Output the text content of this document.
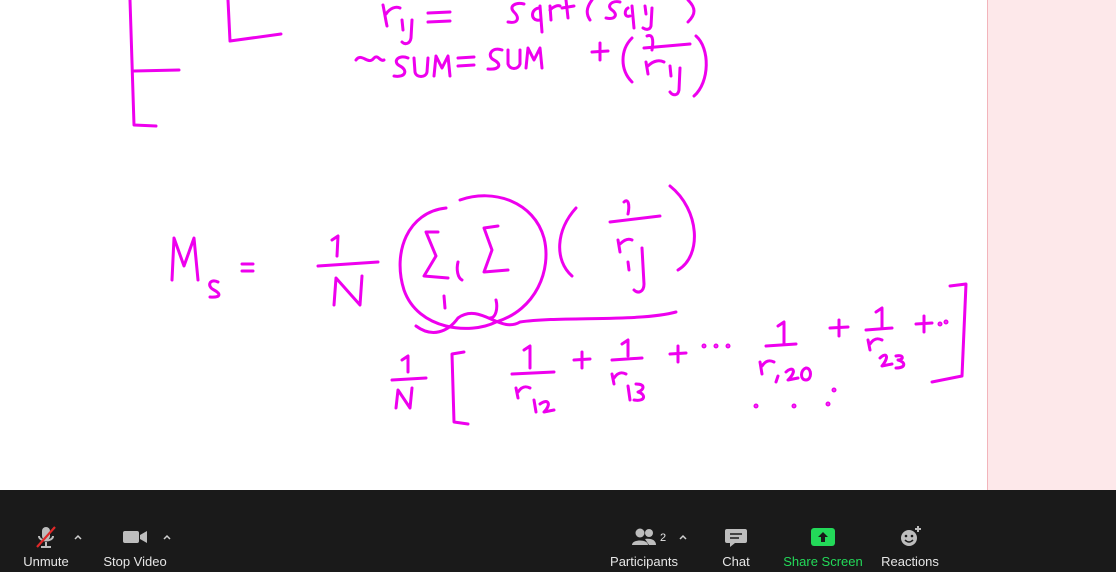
Unmute	Stop Video	Participants
2
Chat	Share Screen Reactions
